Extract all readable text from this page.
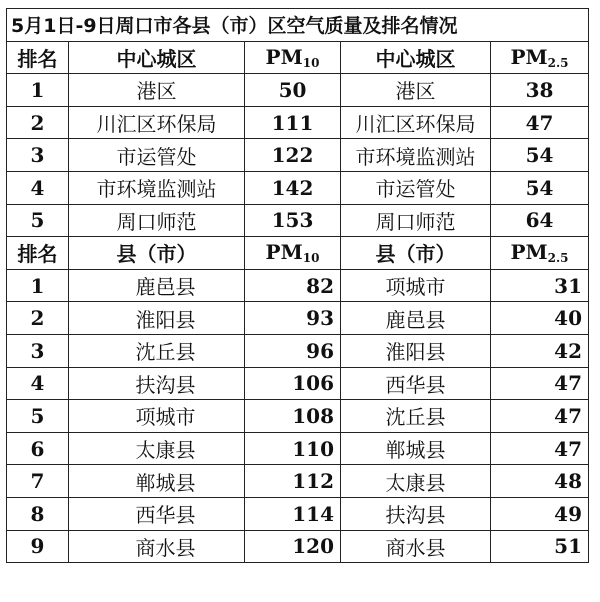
5月1日-9日周口市各县（市）区空气质量及排名情况				
排名	中心城区	$PM_{10}$	中心城区	$PM_{2.5}$
1	港区	50	港区	38
2	川汇区环保局	111	川汇区环保局	47
3	市运管处	122	市环境监测站	54
4	市环境监测站	142	市运管处	54
5	周口师范	153	周口师范	64
排名	县（市）	$PM_{10}$	县（市）	$PM_{2.5}$
1	鹿邑县	82	项城市	31
2	淮阳县	93	鹿邑县	40
3	沈丘县	96	淮阳县	42
4	扶沟县	106	西华县	47
5	项城市	108	沈丘县	47
6	太康县	110	郸城县	47
7	郸城县	112	太康县	48
8	西华县	114	扶沟县	49
9	商水县	120	商水县	51
